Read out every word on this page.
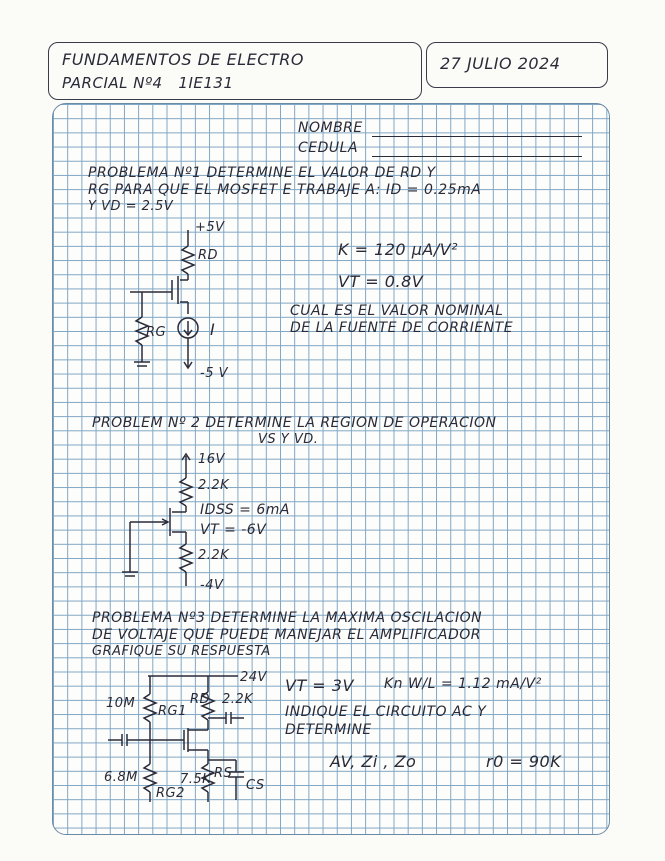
FUNDAMENTOS DE ELECTRO
PARCIAL Nº4 1IE131
27 JULIO 2024
NOMBRE
CEDULA
PROBLEMA Nº1 DETERMINE EL VALOR DE RD Y
RG PARA QUE EL MOSFET E TRABAJE A: ID = 0.25mA
Y VD = 2.5V
+5V
RD
RG	I
-5 V
K = 120 µA/V²
VT = 0.8V
CUAL ES EL VALOR NOMINAL
DE LA FUENTE DE CORRIENTE
PROBLEM Nº 2 DETERMINE LA REGION DE OPERACION
VS Y VD.
16V
2.2K
IDSS = 6mA
VT = -6V
2.2K
-4V
PROBLEMA Nº3 DETERMINE LA MAXIMA OSCILACION
DE VOLTAJE QUE PUEDE MANEJAR EL AMPLIFICADOR
GRAFIQUE SU RESPUESTA
24V
10M
RG1
RD 2.2K
6.8M
RG2
7.5K RS
CS
VT = 3V Kn W/L = 1.12 mA/V²
INDIQUE EL CIRCUITO AC Y
DETERMINE
AV, Zi , Zo	r0 = 90K
